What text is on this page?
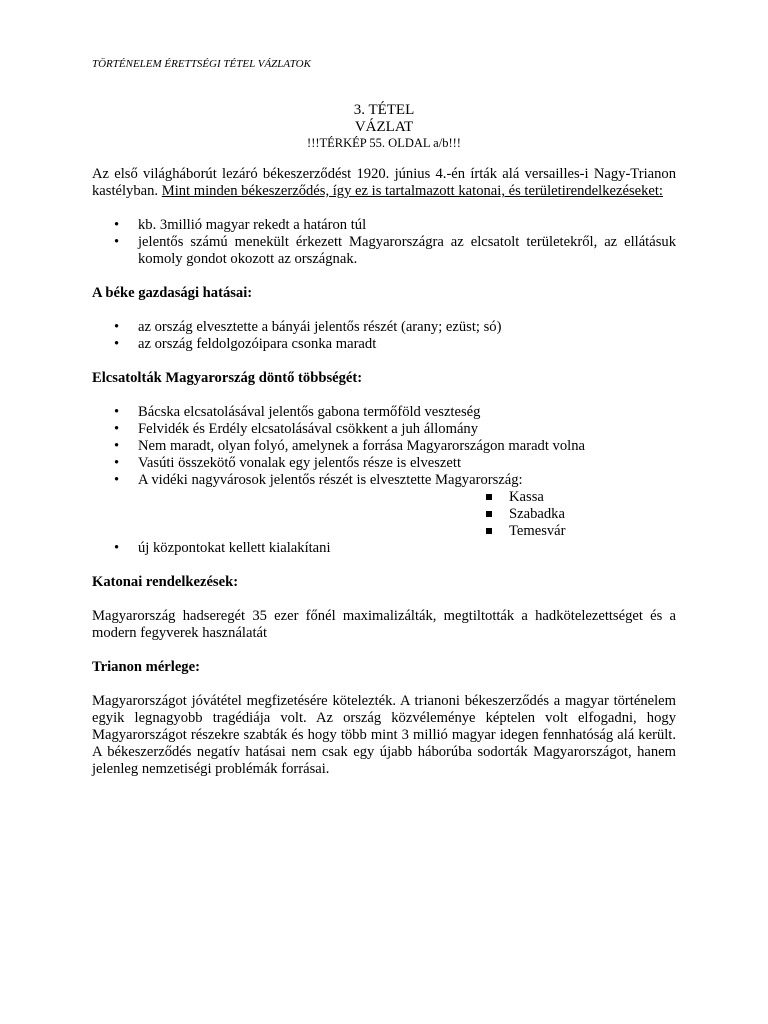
TÖRTÉNELEM ÉRETTSÉGI TÉTEL VÁZLATOK
3. TÉTEL
VÁZLAT
!!!TÉRKÉP 55. OLDAL a/b!!!

Az első világháborút lezáró békeszerződést 1920. június 4.-én írták alá versailles-i Nagy-Trianon kastélyban. Mint minden békeszerződés, így ez is tartalmazott katonai, és területirendelkezéseket:

• kb. 3millió magyar rekedt a határon túl
• jelentős számú menekült érkezett Magyarországra az elcsatolt területekről, az ellátásuk komoly gondot okozott az országnak.

A béke gazdasági hatásai:

• az ország elvesztette a bányái jelentős részét (arany; ezüst; só)
• az ország feldolgozóipara csonka maradt

Elcsatolták Magyarország döntő többségét:

• Bácska elcsatolásával jelentős gabona termőföld veszteség
• Felvidék és Erdély elcsatolásával csökkent a juh állomány
• Nem maradt, olyan folyó, amelynek a forrása Magyarországon maradt volna
• Vasúti összekötő vonalak egy jelentős része is elveszett
• A vidéki nagyvárosok jelentős részét is elvesztette Magyarország:
Kassa
Szabadka
Temesvár
• új központokat kellett kialakítani

Katonai rendelkezések:

Magyarország hadseregét 35 ezer főnél maximalizálták, megtiltották a hadkötelezettséget és a modern fegyverek használatát

Trianon mérlege:

Magyarországot jóvátétel megfizetésére kötelezték. A trianoni békeszerződés a magyar történelem egyik legnagyobb tragédiája volt. Az ország közvéleménye képtelen volt elfogadni, hogy Magyarországot részekre szabták és hogy több mint 3 millió magyar idegen fennhatóság alá került. A békeszerződés negatív hatásai nem csak egy újabb háborúba sodorták Magyarországot, hanem jelenleg nemzetiségi problémák forrásai.
